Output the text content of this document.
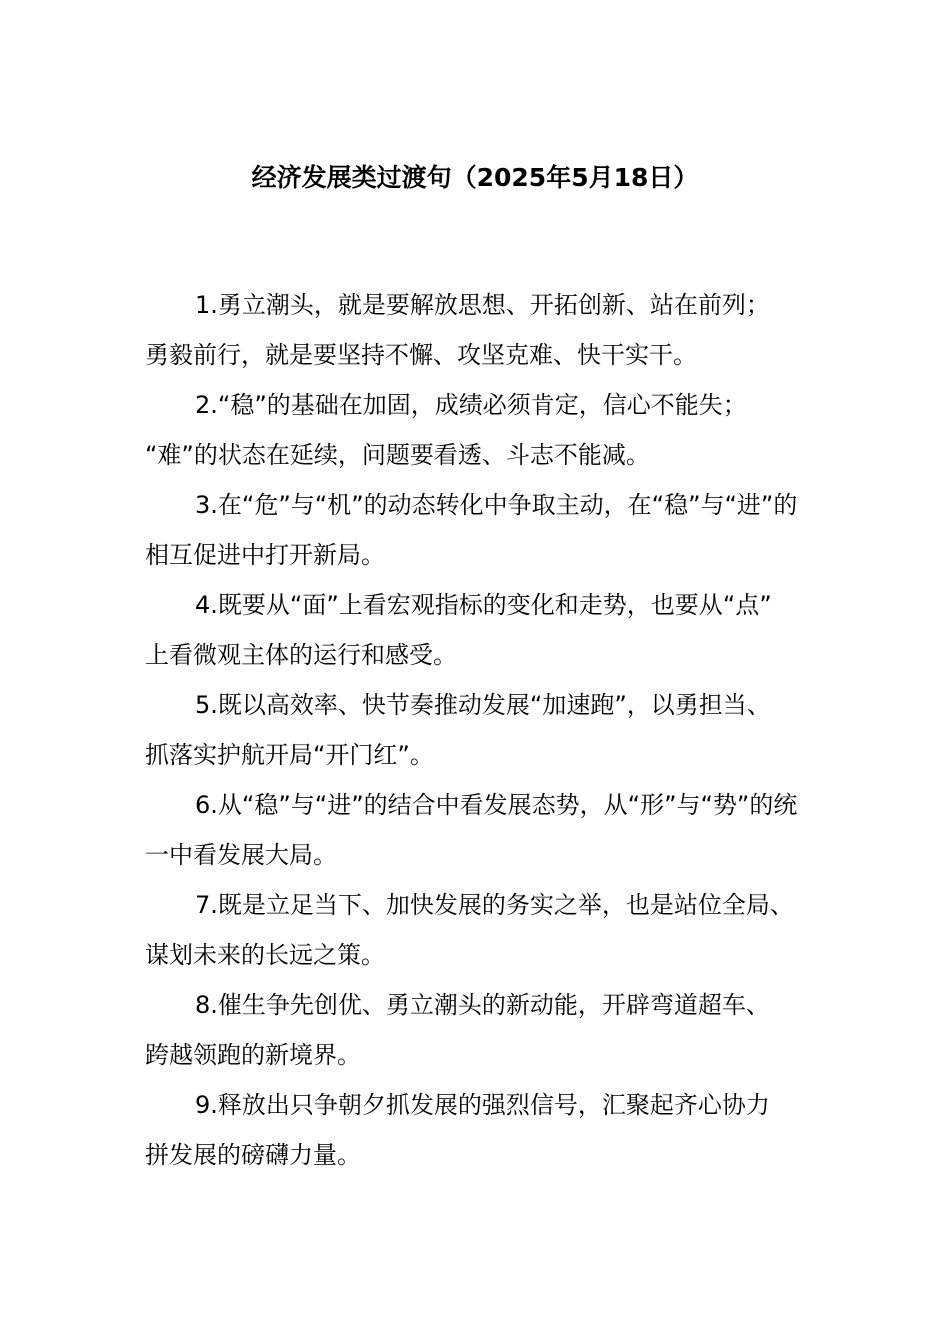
经济发展类过渡句（2025年5月18日）

1.勇立潮头，就是要解放思想、开拓创新、站在前列；
勇毅前行，就是要坚持不懈、攻坚克难、快干实干。

2.“稳”的基础在加固，成绩必须肯定，信心不能失；
“难”的状态在延续，问题要看透、斗志不能减。

3.在“危”与“机”的动态转化中争取主动，在“稳”与“进”的
相互促进中打开新局。

4.既要从“面”上看宏观指标的变化和走势，也要从“点”
上看微观主体的运行和感受。

5.既以高效率、快节奏推动发展“加速跑”，以勇担当、
抓落实护航开局“开门红”。

6.从“稳”与“进”的结合中看发展态势，从“形”与“势”的统
一中看发展大局。

7.既是立足当下、加快发展的务实之举，也是站位全局、
谋划未来的长远之策。

8.催生争先创优、勇立潮头的新动能，开辟弯道超车、
跨越领跑的新境界。

9.释放出只争朝夕抓发展的强烈信号，汇聚起齐心协力
拼发展的磅礴力量。
